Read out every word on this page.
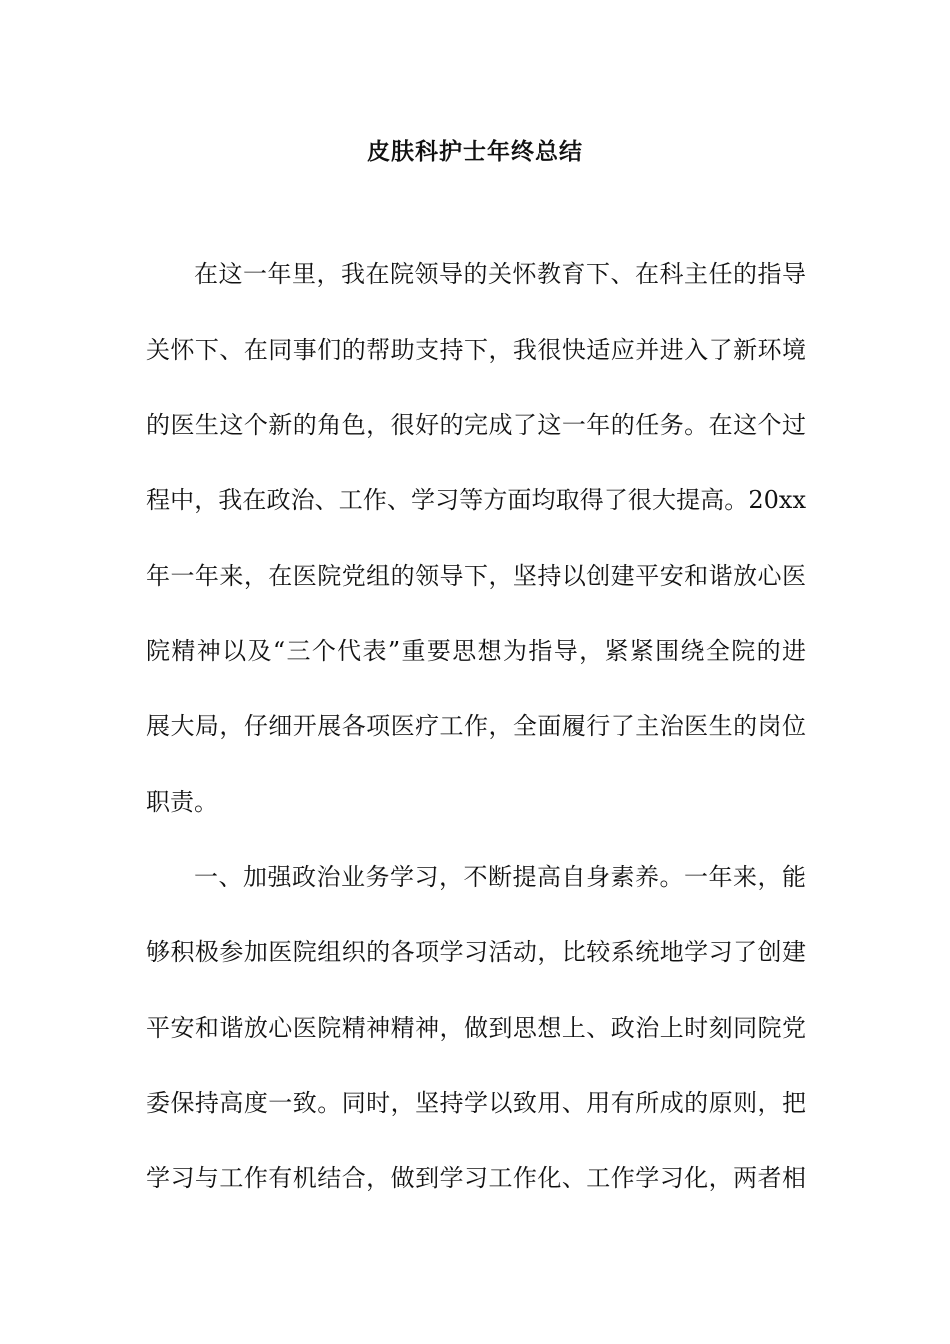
皮肤科护士年终总结
在这一年里，我在院领导的关怀教育下、在科主任的指导
关怀下、在同事们的帮助支持下，我很快适应并进入了新环境
的医生这个新的角色，很好的完成了这一年的任务。在这个过
程中，我在政治、工作、学习等方面均取得了很大提高。20xx
年一年来，在医院党组的领导下，坚持以创建平安和谐放心医
院精神以及“三个代表”重要思想为指导，紧紧围绕全院的进
展大局，仔细开展各项医疗工作，全面履行了主治医生的岗位
职责。
一、加强政治业务学习，不断提高自身素养。一年来，能
够积极参加医院组织的各项学习活动，比较系统地学习了创建
平安和谐放心医院精神精神，做到思想上、政治上时刻同院党
委保持高度一致。同时，坚持学以致用、用有所成的原则，把
学习与工作有机结合，做到学习工作化、工作学习化，两者相
